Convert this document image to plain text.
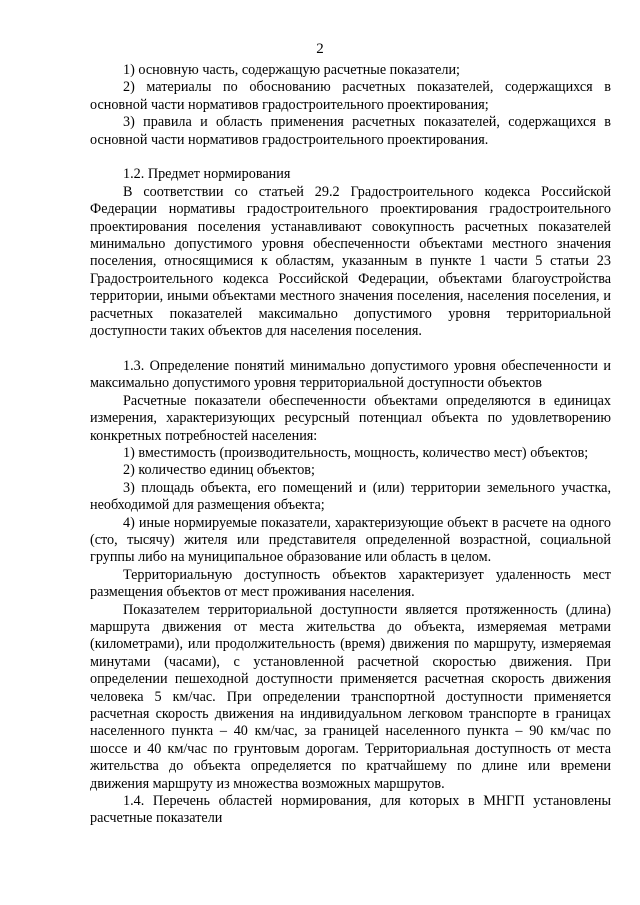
2

1) основную часть, содержащую расчетные показатели;

2) материалы по обоснованию расчетных показателей, содержащихся в основной части нормативов градостроительного проектирования;

3) правила и область применения расчетных показателей, содержащихся в основной части нормативов градостроительного проектирования.

1.2. Предмет нормирования

В соответствии со статьей 29.2 Градостроительного кодекса Российской Федерации нормативы градостроительного проектирования градостроительного проектирования поселения устанавливают совокупность расчетных показателей минимально допустимого уровня обеспеченности объектами местного значения поселения, относящимися к областям, указанным в пункте 1 части 5 статьи 23 Градостроительного кодекса Российской Федерации, объектами благоустройства территории, иными объектами местного значения поселения, населения поселения, и расчетных показателей максимально допустимого уровня территориальной доступности таких объектов для населения поселения.

1.3. Определение понятий минимально допустимого уровня обеспеченности и максимально допустимого уровня территориальной доступности объектов

Расчетные показатели обеспеченности объектами определяются в единицах измерения, характеризующих ресурсный потенциал объекта по удовлетворению конкретных потребностей населения:

1) вместимость (производительность, мощность, количество мест) объектов;

2) количество единиц объектов;

3) площадь объекта, его помещений и (или) территории земельного участка, необходимой для размещения объекта;

4) иные нормируемые показатели, характеризующие объект в расчете на одного (сто, тысячу) жителя или представителя определенной возрастной, социальной группы либо на муниципальное образование или область в целом.

Территориальную доступность объектов характеризует удаленность мест размещения объектов от мест проживания населения.

Показателем территориальной доступности является протяженность (длина) маршрута движения от места жительства до объекта, измеряемая метрами (километрами), или продолжительность (время) движения по маршруту, измеряемая минутами (часами), с установленной расчетной скоростью движения. При определении пешеходной доступности применяется расчетная скорость движения человека 5 км/час. При определении транспортной доступности применяется расчетная скорость движения на индивидуальном легковом транспорте в границах населенного пункта – 40 км/час, за границей населенного пункта – 90 км/час по шоссе и 40 км/час по грунтовым дорогам. Территориальная доступность от места жительства до объекта определяется по кратчайшему по длине или времени движения маршруту из множества возможных маршрутов.

1.4. Перечень областей нормирования, для которых в МНГП установлены расчетные показатели
